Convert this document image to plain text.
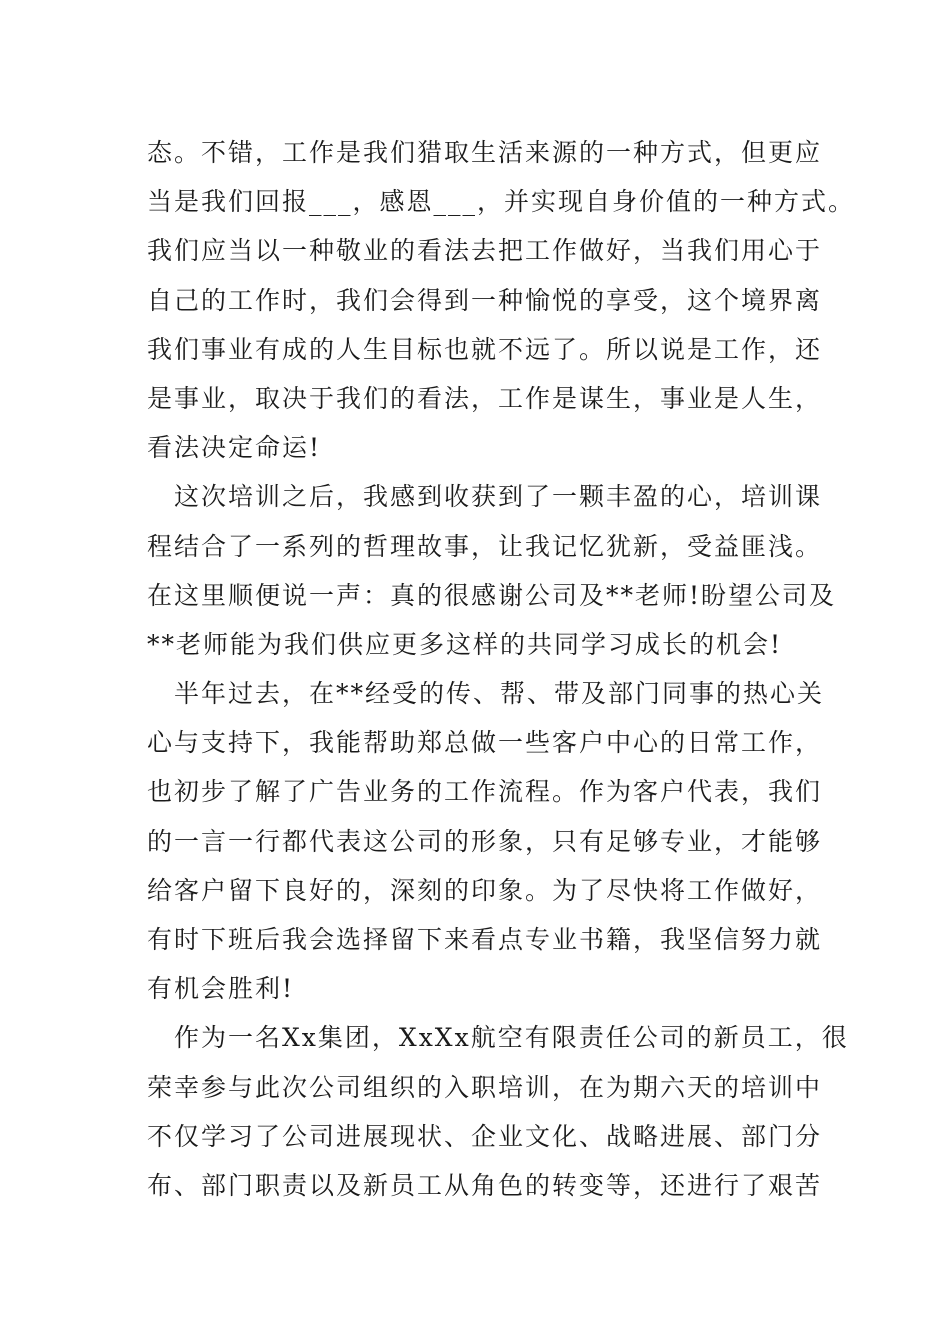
态。不错，工作是我们猎取生活来源的一种方式，但更应
当是我们回报___，感恩___，并实现自身价值的一种方式。
我们应当以一种敬业的看法去把工作做好，当我们用心于
自己的工作时，我们会得到一种愉悦的享受，这个境界离
我们事业有成的人生目标也就不远了。所以说是工作，还
是事业，取决于我们的看法，工作是谋生，事业是人生，
看法决定命运!
这次培训之后，我感到收获到了一颗丰盈的心，培训课
程结合了一系列的哲理故事，让我记忆犹新，受益匪浅。
在这里顺便说一声：真的很感谢公司及**老师!盼望公司及
**老师能为我们供应更多这样的共同学习成长的机会!
半年过去，在**经受的传、帮、带及部门同事的热心关
心与支持下，我能帮助郑总做一些客户中心的日常工作，
也初步了解了广告业务的工作流程。作为客户代表，我们
的一言一行都代表这公司的形象，只有足够专业，才能够
给客户留下良好的，深刻的印象。为了尽快将工作做好，
有时下班后我会选择留下来看点专业书籍，我坚信努力就
有机会胜利!
作为一名Xx集团，XxXx航空有限责任公司的新员工，很
荣幸参与此次公司组织的入职培训，在为期六天的培训中
不仅学习了公司进展现状、企业文化、战略进展、部门分
布、部门职责以及新员工从角色的转变等，还进行了艰苦
